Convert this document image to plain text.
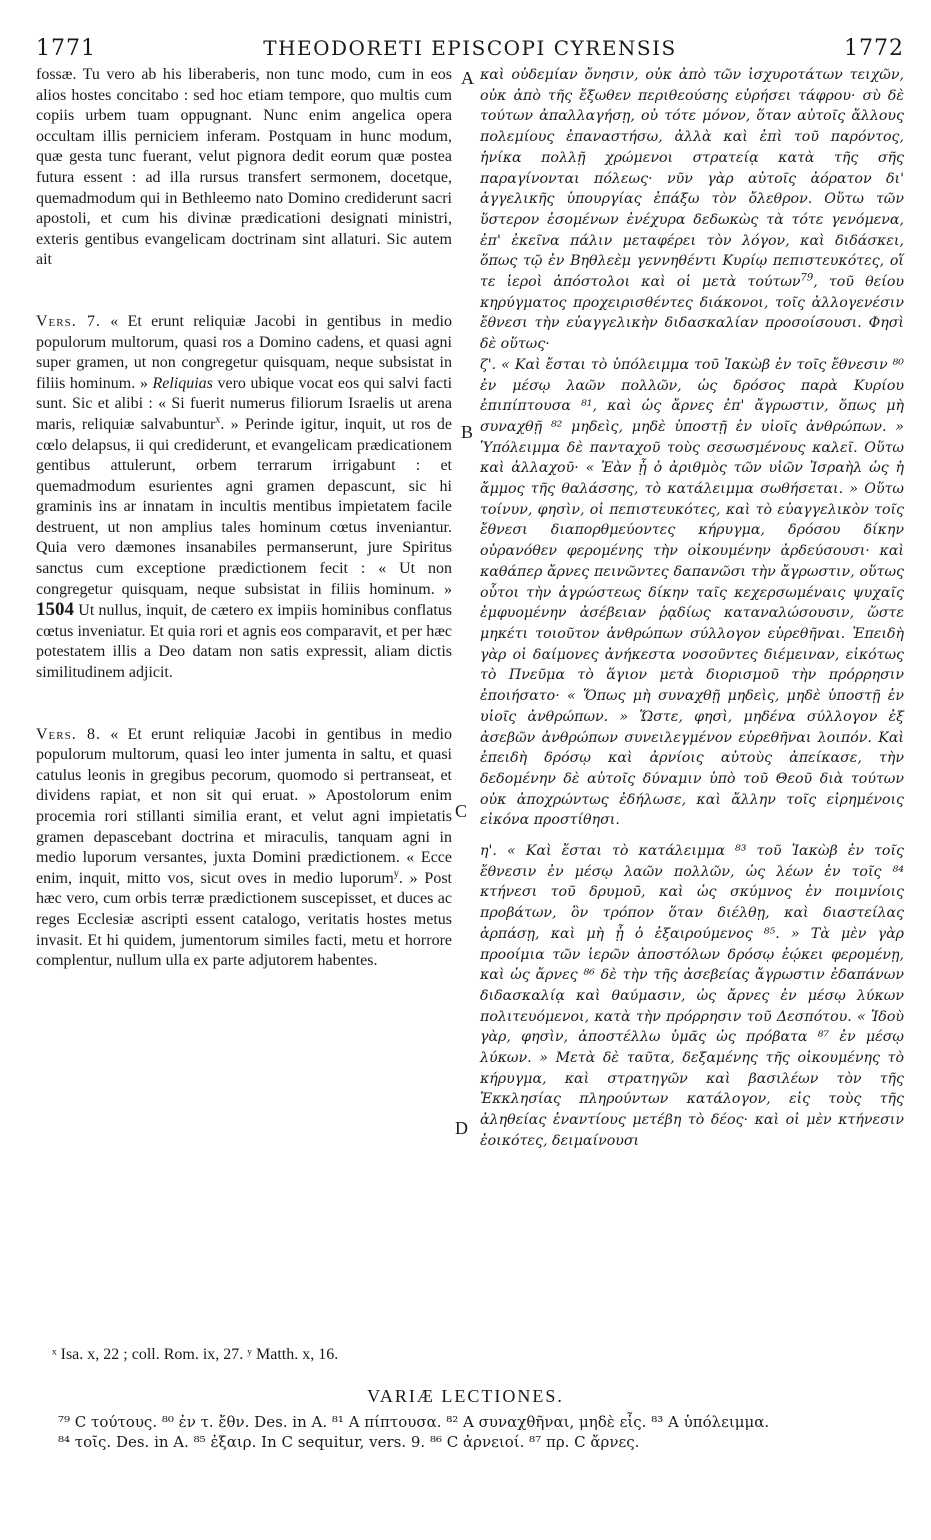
1771	THEODORETI EPISCOPI CYRENSIS	1772
A
B
C
D

fossæ. Tu vero ab his liberaberis, non tunc modo, cum in eos alios hostes concitabo : sed hoc etiam tempore, quo multis cum copiis urbem tuam oppugnant. Nunc enim angelica opera occultam illis perniciem inferam. Postquam in hunc modum, quæ gesta tunc fuerant, velut pignora dedit eorum quæ postea futura essent : ad illa rursus transfert sermonem, docetque, quemadmodum qui in Bethleemo nato Domino crediderunt sacri apostoli, et cum his divinæ prædicationi designati ministri, exteris gentibus evangelicam doctrinam sint allaturi. Sic autem ait

Vers. 7. « Et erunt reliquiæ Jacobi in gentibus in medio populorum multorum, quasi ros a Domino cadens, et quasi agni super gramen, ut non congregetur quisquam, neque subsistat in filiis hominum. » Reliquias vero ubique vocat eos qui salvi facti sunt. Sic et alibi : « Si fuerit numerus filiorum Israelis ut arena maris, reliquiæ salvabuntur$^x$. » Perinde igitur, inquit, ut ros de cœlo delapsus, ii qui crediderunt, et evangelicam prædicationem gentibus attulerunt, orbem terrarum irrigabunt : et quemadmodum esurientes agni gramen depascunt, sic hi graminis ins ar innatam in incultis mentibus impietatem facile destruent, ut non amplius tales hominum cœtus inveniantur. Quia vero dæmones insanabiles permanserunt, jure Spiritus sanctus cum exceptione prædictionem fecit : « Ut non congregetur quisquam, neque subsistat in filiis hominum. » 1504 Ut nullus, inquit, de cætero ex impiis hominibus conflatus cœtus inveniatur. Et quia rori et agnis eos comparavit, et per hæc potestatem illis a Deo datam non satis expressit, aliam dictis similitudinem adjicit.

Vers. 8. « Et erunt reliquiæ Jacobi in gentibus in medio populorum multorum, quasi leo inter jumenta in saltu, et quasi catulus leonis in gregibus pecorum, quomodo si pertranseat, et dividens rapiat, et non sit qui eruat. » Apostolorum enim procemia rori stillanti similia erant, et velut agni impietatis gramen depascebant doctrina et miraculis, tanquam agni in medio luporum versantes, juxta Domini prædictionem. « Ecce enim, inquit, mitto vos, sicut oves in medio luporum$^y$. » Post hæc vero, cum orbis terræ prædictionem suscepisset, et duces ac reges Ecclesiæ ascripti essent catalogo, veritatis hostes metus invasit. Et hi quidem, jumentorum similes facti, metu et horrore complentur, nullum ulla ex parte adjutorem habentes.

καὶ οὐδεμίαν ὄνησιν, οὐκ ἀπὸ τῶν ἰσχυροτάτων τειχῶν, οὐκ ἀπὸ τῆς ἔξωθεν περιθεούσης εὑρήσει τάφρου· σὺ δὲ τούτων ἀπαλλαγήσῃ, οὐ τότε μόνον, ὅταν αὐτοῖς ἄλλους πολεμίους ἐπαναστήσω, ἀλλὰ καὶ ἐπὶ τοῦ παρόντος, ἡνίκα πολλῇ χρώμενοι στρατείᾳ κατὰ τῆς σῆς παραγίνονται πόλεως· νῦν γὰρ αὐτοῖς ἀόρατον δι' ἀγγελικῆς ὑπουργίας ἐπάξω τὸν ὄλεθρον. Οὕτω τῶν ὕστερον ἐσομένων ἐνέχυρα δεδωκὼς τὰ τότε γενόμενα, ἐπ' ἐκεῖνα πάλιν μεταφέρει τὸν λόγον, καὶ διδάσκει, ὅπως τῷ ἐν Βηθλεὲμ γεννηθέντι Κυρίῳ πεπιστευκότες, οἵ τε ἱεροὶ ἀπόστολοι καὶ οἱ μετὰ τούτων$^{79}$, τοῦ θείου κηρύγματος προχειρισθέντες διάκονοι, τοῖς ἀλλογενέσιν ἔθνεσι τὴν εὐαγγελικὴν διδασκαλίαν προσοίσουσι. Φησὶ δὲ οὕτως·

ζ'. « Καὶ ἔσται τὸ ὑπόλειμμα τοῦ Ἰακὼβ ἐν τοῖς ἔθνεσιν ⁸⁰ ἐν μέσῳ λαῶν πολλῶν, ὡς δρόσος παρὰ Κυρίου ἐπιπίπτουσα ⁸¹, καὶ ὡς ἄρνες ἐπ' ἄγρωστιν, ὅπως μὴ συναχθῇ ⁸² μηδεὶς, μηδὲ ὑποστῇ ἐν υἱοῖς ἀνθρώπων. » Ὑπόλειμμα δὲ πανταχοῦ τοὺς σεσωσμένους καλεῖ. Οὕτω καὶ ἀλλαχοῦ· « Ἐὰν ᾖ ὁ ἀριθμὸς τῶν υἱῶν Ἰσραὴλ ὡς ἡ ἄμμος τῆς θαλάσσης, τὸ κατάλειμμα σωθήσεται. » Οὕτω τοίνυν, φησὶν, οἱ πεπιστευκότες, καὶ τὸ εὐαγγελικὸν τοῖς ἔθνεσι διαπορθμεύοντες κήρυγμα, δρόσου δίκην οὐρανόθεν φερομένης τὴν οἰκουμένην ἀρδεύσουσι· καὶ καθάπερ ἄρνες πεινῶντες δαπανῶσι τὴν ἄγρωστιν, οὕτως οὗτοι τὴν ἀγρώστεως δίκην ταῖς κεχερσωμέναις ψυχαῖς ἐμφυομένην ἀσέβειαν ῥᾳδίως καταναλώσουσιν, ὥστε μηκέτι τοιοῦτον ἀνθρώπων σύλλογον εὑρεθῆναι. Ἐπειδὴ γὰρ οἱ δαίμονες ἀνήκεστα νοσοῦντες διέμειναν, εἰκότως τὸ Πνεῦμα τὸ ἅγιον μετὰ διορισμοῦ τὴν πρόρρησιν ἐποιήσατο· « Ὅπως μὴ συναχθῇ μηδεὶς, μηδὲ ὑποστῇ ἐν υἱοῖς ἀνθρώπων. » Ὥστε, φησὶ, μηδένα σύλλογον ἐξ ἀσεβῶν ἀνθρώπων συνειλεγμένον εὑρεθῆναι λοιπόν. Καὶ ἐπειδὴ δρόσῳ καὶ ἀρνίοις αὐτοὺς ἀπείκασε, τὴν δεδομένην δὲ αὐτοῖς δύναμιν ὑπὸ τοῦ Θεοῦ διὰ τούτων οὐκ ἀποχρώντως ἐδήλωσε, καὶ ἄλλην τοῖς εἰρημένοις εἰκόνα προστίθησι.

η'. « Καὶ ἔσται τὸ κατάλειμμα ⁸³ τοῦ Ἰακὼβ ἐν τοῖς ἔθνεσιν ἐν μέσῳ λαῶν πολλῶν, ὡς λέων ἐν τοῖς ⁸⁴ κτήνεσι τοῦ δρυμοῦ, καὶ ὡς σκύμνος ἐν ποιμνίοις προβάτων, ὃν τρόπον ὅταν διέλθῃ, καὶ διαστείλας ἁρπάσῃ, καὶ μὴ ᾖ ὁ ἐξαιρούμενος ⁸⁵. » Τὰ μὲν γὰρ προοίμια τῶν ἱερῶν ἀποστόλων δρόσῳ ἐῴκει φερομένῃ, καὶ ὡς ἄρνες ⁸⁶ δὲ τὴν τῆς ἀσεβείας ἄγρωστιν ἐδαπάνων διδασκαλίᾳ καὶ θαύμασιν, ὡς ἄρνες ἐν μέσῳ λύκων πολιτευόμενοι, κατὰ τὴν πρόρρησιν τοῦ Δεσπότου. « Ἰδοὺ γὰρ, φησὶν, ἀποστέλλω ὑμᾶς ὡς πρόβατα ⁸⁷ ἐν μέσῳ λύκων. » Μετὰ δὲ ταῦτα, δεξαμένης τῆς οἰκουμένης τὸ κήρυγμα, καὶ στρατηγῶν καὶ βασιλέων τὸν τῆς Ἐκκλησίας πληρούντων κατάλογον, εἰς τοὺς τῆς ἀληθείας ἐναντίους μετέβη τὸ δέος· καὶ οἱ μὲν κτήνεσιν ἐοικότες, δειμαίνουσι

ˣ Isa. x, 22 ; coll. Rom. ix, 27. ʸ Matth. x, 16.
VARIÆ LECTIONES.

⁷⁹ C τούτους. ⁸⁰ ἐν τ. ἔθν. Des. in A. ⁸¹ A πίπτουσα. ⁸² A συναχθῆναι, μηδὲ εἷς. ⁸³ A ὑπόλειμμα.

⁸⁴ τοῖς. Des. in A. ⁸⁵ ἐξαιρ. In C sequitur, vers. 9. ⁸⁶ C ἀρνειοί. ⁸⁷ πρ. C ἄρνες.
